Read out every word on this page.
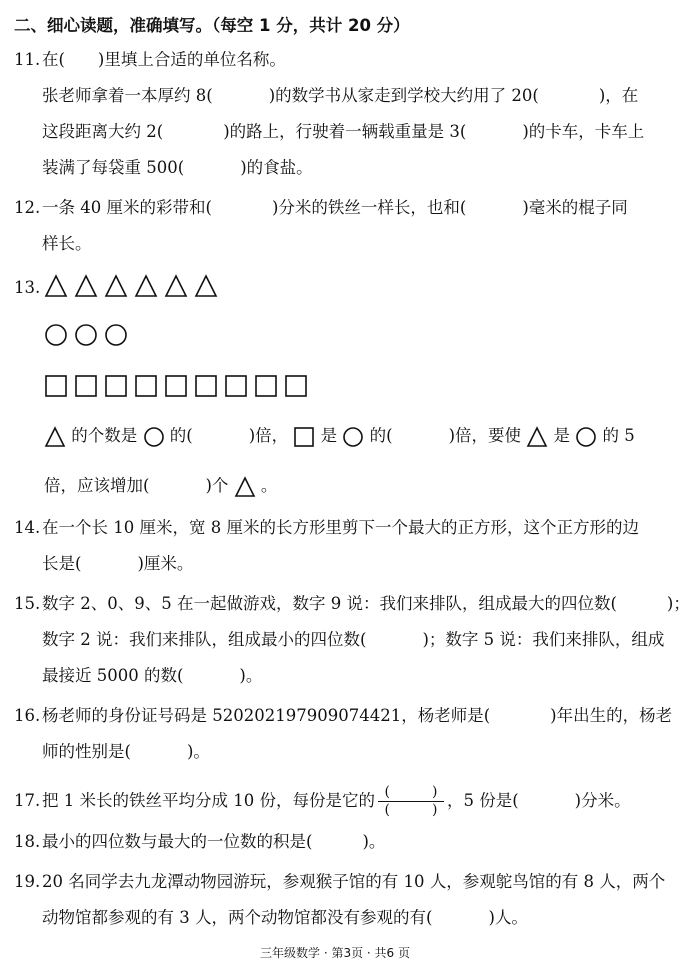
二、细心读题，准确填写。（每空 1 分，共计 20 分）
11. 在(　　)里填上合适的单位名称。
张老师拿着一本厚约 8(	)的数学书从家走到学校大约用了 20(	)，在
这段距离大约 2(	)的路上，行驶着一辆载重量是 3(	)的卡车，卡车上
装满了每袋重 500(	)的食盐。
12. 一条 40 厘米的彩带和(	)分米的铁丝一样长，也和(	)毫米的棍子同
样长。
13.
的个数是 的(	)倍， 是 的(	)倍，要使 是 的 5
倍，应该增加(	)个 。
14. 在一个长 10 厘米，宽 8 厘米的长方形里剪下一个最大的正方形，这个正方形的边
长是(	)厘米。
15. 数字 2、0、9、5 在一起做游戏，数字 9 说：我们来排队，组成最大的四位数(	)；
数字 2 说：我们来排队，组成最小的四位数(	)；数字 5 说：我们来排队，组成
最接近 5000 的数(	)。
16. 杨老师的身份证号码是 520202197909074421，杨老师是(	)年出生的，杨老
师的性别是(	)。
17. 把 1 米长的铁丝平均分成 10 份，每份是它的 $\frac{( )}{( )}$ ，5 份是(	)分米。
18. 最小的四位数与最大的一位数的积是(	)。
19. 20 名同学去九龙潭动物园游玩，参观猴子馆的有 10 人，参观鸵鸟馆的有 8 人，两个
动物馆都参观的有 3 人，两个动物馆都没有参观的有(	)人。
三年级数学 · 第3页 · 共6 页
